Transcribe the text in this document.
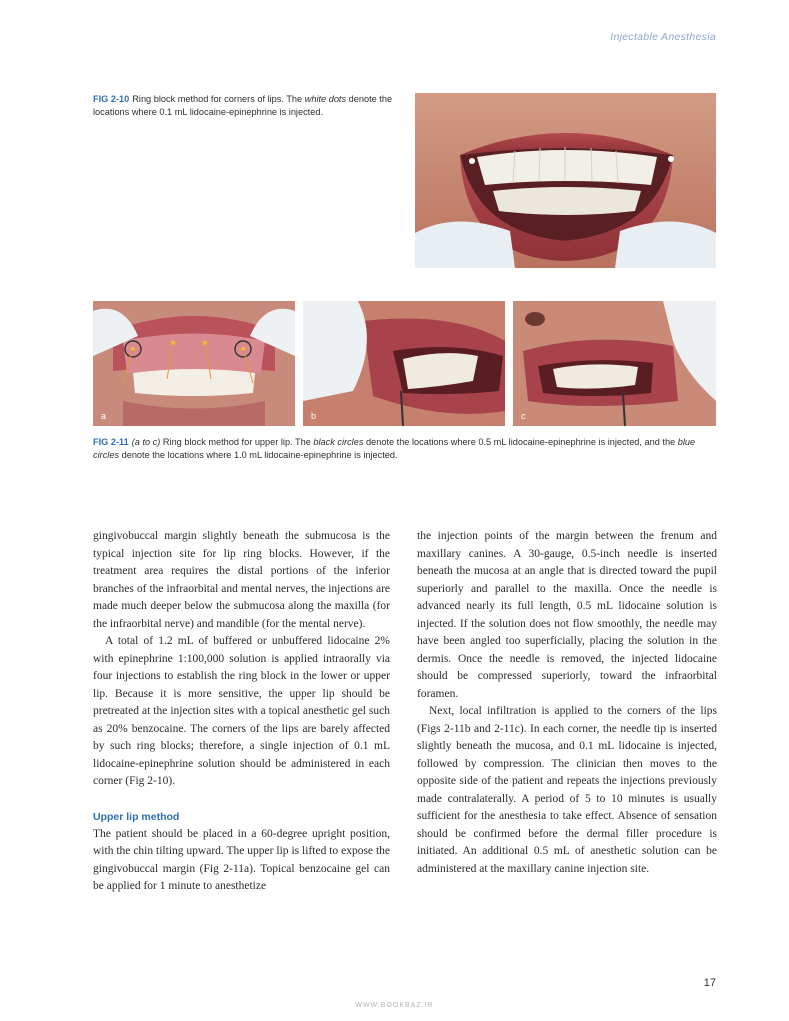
Injectable Anesthesia
FIG 2-10 Ring block method for corners of lips. The white dots denote the locations where 0.1 mL lidocaine-epinephrine is injected.
a	b	c
FIG 2-11 (a to c) Ring block method for upper lip. The black circles denote the locations where 0.5 mL lidocaine-epinephrine is injected, and the blue circles denote the locations where 1.0 mL lidocaine-epinephrine is injected.

gingivobuccal margin slightly beneath the submucosa is the typical injection site for lip ring blocks. However, if the treatment area requires the distal portions of the inferior branches of the infraorbital and mental nerves, the injections are made much deeper below the submucosa along the maxilla (for the infraorbital nerve) and mandible (for the mental nerve).

A total of 1.2 mL of buffered or unbuffered lidocaine 2% with epinephrine 1:100,000 solution is applied intraorally via four injections to establish the ring block in the lower or upper lip. Because it is more sensitive, the upper lip should be pretreated at the injection sites with a topical anesthetic gel such as 20% benzocaine. The corners of the lips are barely affected by such ring blocks; therefore, a single injection of 0.1 mL lidocaine-epinephrine solution should be administered in each corner (Fig 2-10).

Upper lip method

The patient should be placed in a 60-degree upright position, with the chin tilting upward. The upper lip is lifted to expose the gingivobuccal margin (Fig 2-11a). Topical benzocaine gel can be applied for 1 minute to anesthetize

the injection points of the margin between the frenum and maxillary canines. A 30-gauge, 0.5-inch needle is inserted beneath the mucosa at an angle that is directed toward the pupil superiorly and parallel to the maxilla. Once the needle is advanced nearly its full length, 0.5 mL lidocaine solution is injected. If the solution does not flow smoothly, the needle may have been angled too superficially, placing the solution in the dermis. Once the needle is removed, the injected lidocaine should be compressed superiorly, toward the infraorbital foramen.

Next, local infiltration is applied to the corners of the lips (Figs 2-11b and 2-11c). In each corner, the needle tip is inserted slightly beneath the mucosa, and 0.1 mL lidocaine is injected, followed by compression. The clinician then moves to the opposite side of the patient and repeats the injections previously made contralaterally. A period of 5 to 10 minutes is usually sufficient for the anesthesia to take effect. Absence of sensation should be confirmed before the dermal filler procedure is initiated. An additional 0.5 mL of anesthetic solution can be administered at the maxillary canine injection site.

17
WWW.BOOKBAZ.IR
